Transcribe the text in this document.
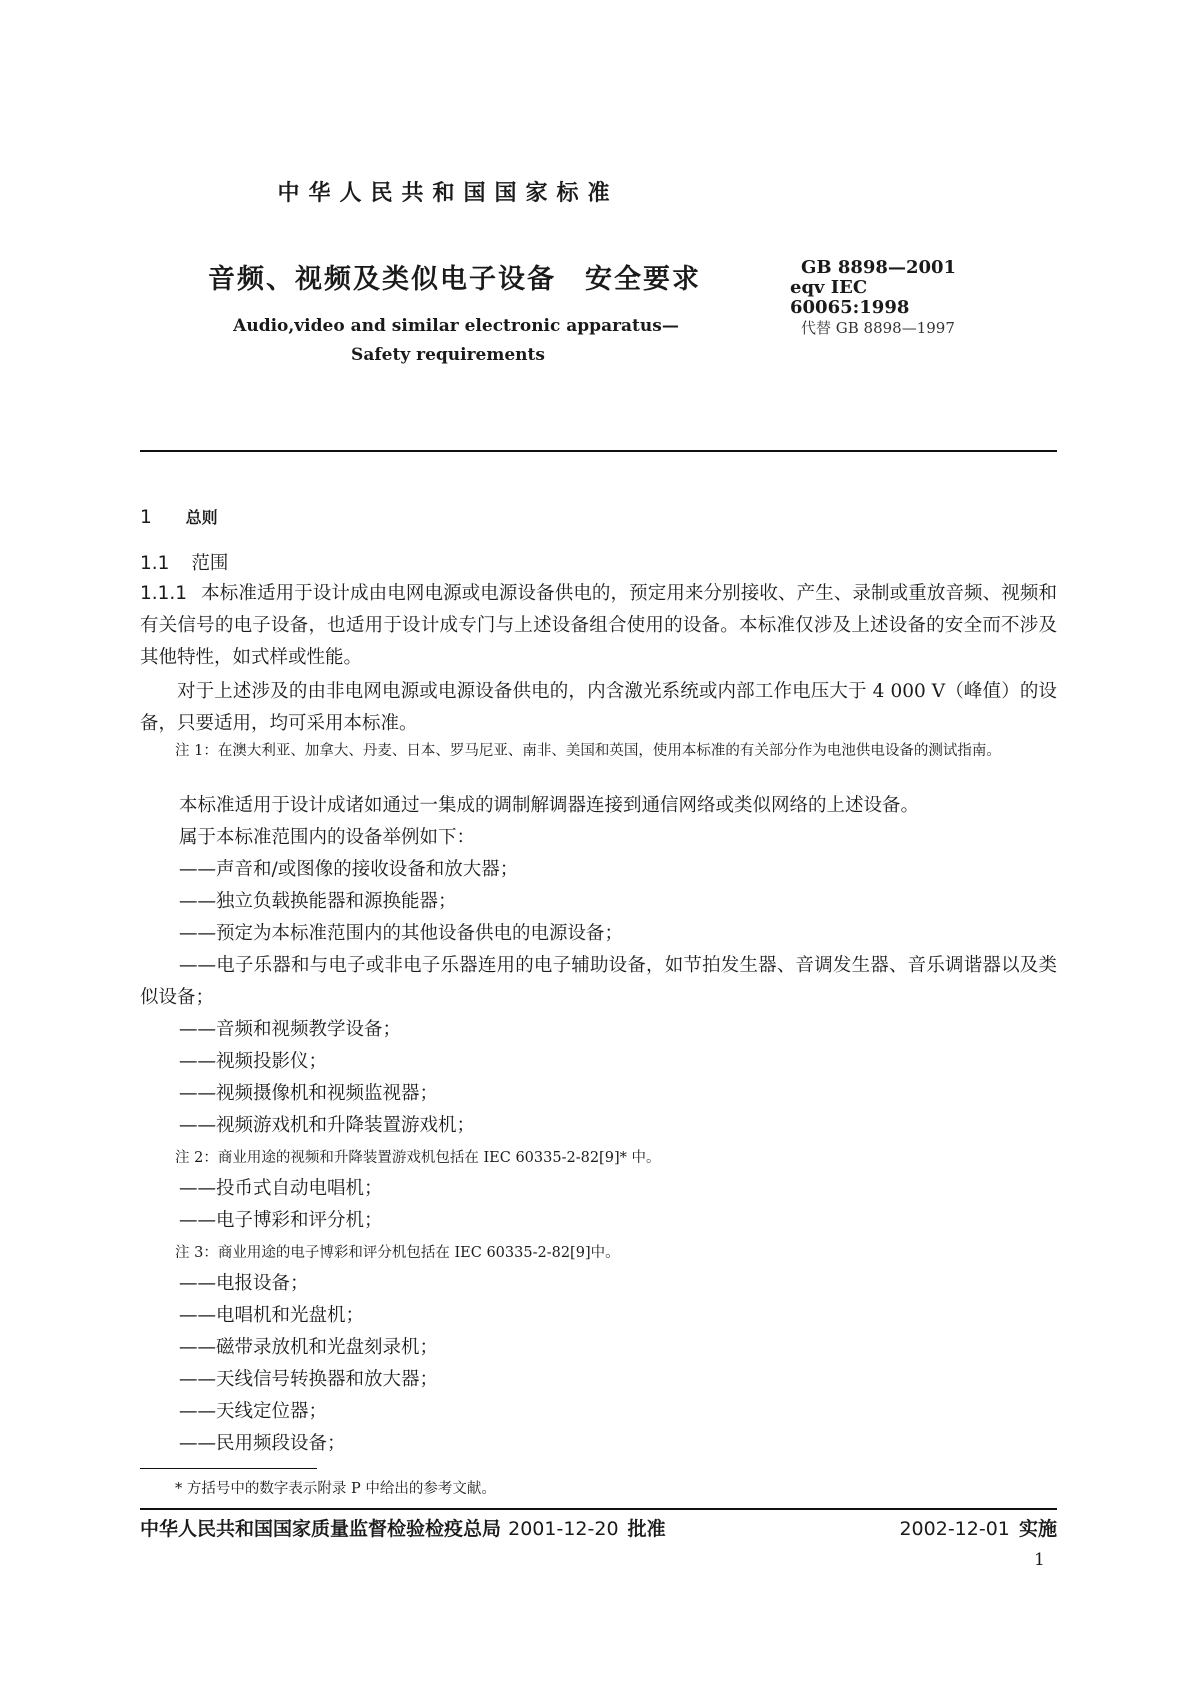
中华人民共和国国家标准
音频、视频及类似电子设备　安全要求	GB 8898—2001
eqv IEC 60065:1998
代替 GB 8898—1997
Audio,video and similar electronic apparatus—
Safety requirements
1 总则
1.1 范围
1.1.1 本标准适用于设计成由电网电源或电源设备供电的，预定用来分别接收、产生、录制或重放音频、视频和有关信号的电子设备，也适用于设计成专门与上述设备组合使用的设备。本标准仅涉及上述设备的安全而不涉及其他特性，如式样或性能。
对于上述涉及的由非电网电源或电源设备供电的，内含激光系统或内部工作电压大于 4 000 V（峰值）的设备，只要适用，均可采用本标准。
注 1： 在澳大利亚、加拿大、丹麦、日本、罗马尼亚、南非、美国和英国，使用本标准的有关部分作为电池供电设备的测试指南。
本标准适用于设计成诸如通过一集成的调制解调器连接到通信网络或类似网络的上述设备。
属于本标准范围内的设备举例如下：
——声音和/或图像的接收设备和放大器；
——独立负载换能器和源换能器；
——预定为本标准范围内的其他设备供电的电源设备；
——电子乐器和与电子或非电子乐器连用的电子辅助设备，如节拍发生器、音调发生器、音乐调谐器以及类似设备；
——音频和视频教学设备；
——视频投影仪；
——视频摄像机和视频监视器；
——视频游戏机和升降装置游戏机；
注 2：商业用途的视频和升降装置游戏机包括在 IEC 60335-2-82[9]* 中。
——投币式自动电唱机；
——电子博彩和评分机；
注 3：商业用途的电子博彩和评分机包括在 IEC 60335-2-82[9]中。
——电报设备；
——电唱机和光盘机；
——磁带录放机和光盘刻录机；
——天线信号转换器和放大器；
——天线定位器；
——民用频段设备；
* 方括号中的数字表示附录 P 中给出的参考文献。
中华人民共和国国家质量监督检验检疫总局 2001-12-20 批准	2002-12-01 实施
1
